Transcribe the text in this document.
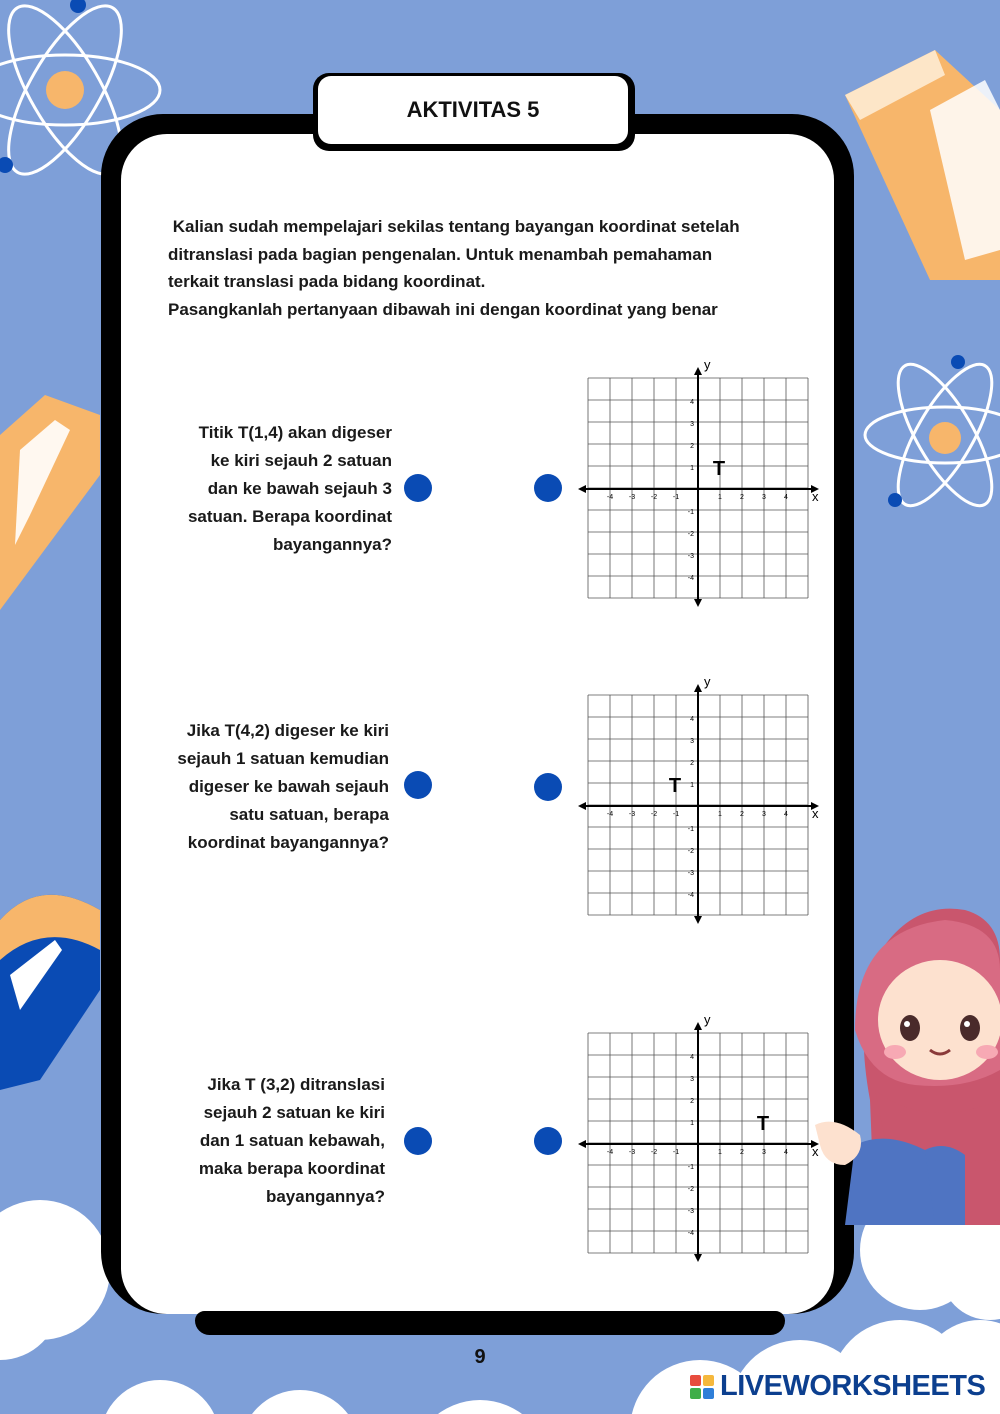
AKTIVITAS 5

Kalian sudah mempelajari sekilas tentang bayangan koordinat setelah

ditranslasi pada bagian pengenalan. Untuk menambah pemahaman

terkait translasi pada bidang koordinat.

Pasangkanlah pertanyaan dibawah ini dengan koordinat yang benar

Titik T(1,4) akan digeser
ke kiri sejauh 2 satuan
dan ke bawah sejauh 3
satuan. Berapa koordinat
bayangannya?
x
y
-4 -3 -2 -1	1	2	3	4
4
3
2
1
-1
-2
-3
-4
T
Jika T(4,2) digeser ke kiri
sejauh 1 satuan kemudian
digeser ke bawah sejauh
satu satuan, berapa
koordinat bayangannya?
x
y
-4 -3 -2 -1	1	2	3	4
4
3
2
1
-1
-2
-3
-4
T
Jika T (3,2) ditranslasi
sejauh 2 satuan ke kiri
dan 1 satuan kebawah,
maka berapa koordinat
bayangannya?
x
y
-4 -3 -2 -1	1	2	3	4
4
3
2
1
-1
-2
-3
-4
T
9
LIVEWORKSHEETS
